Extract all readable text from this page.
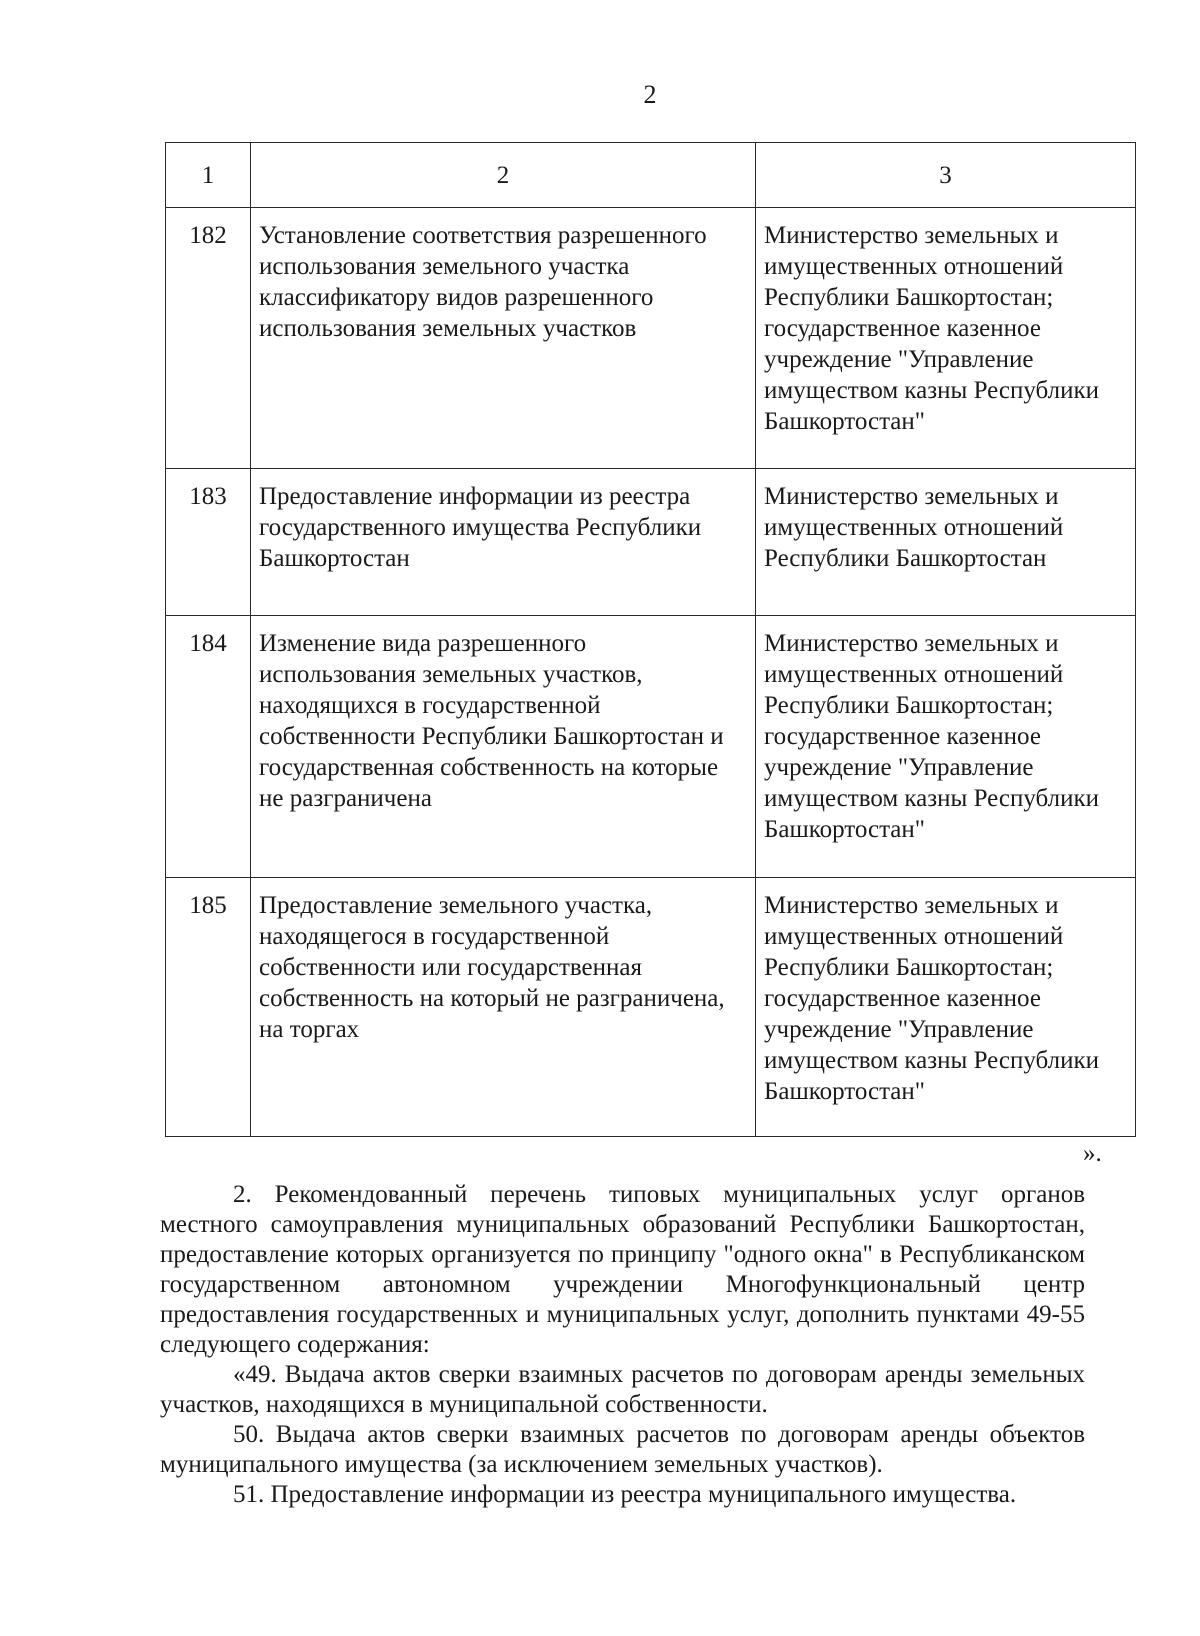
2
1	2	3
182	Установление соответствия разрешенного использования земельного участка классификатору видов разрешенного использования земельных участков	Министерство земельных и имущественных отношений Республики Башкортостан; государственное казенное учреждение "Управление имуществом казны Республики Башкортостан"
183	Предоставление информации из реестра государственного имущества Республики Башкортостан	Министерство земельных и имущественных отношений Республики Башкортостан
184	Изменение вида разрешенного использования земельных участков, находящихся в государственной собственности Республики Башкортостан и государственная собственность на которые не разграничена	Министерство земельных и имущественных отношений Республики Башкортостан; государственное казенное учреждение "Управление имуществом казны Республики Башкортостан"
185	Предоставление земельного участка, находящегося в государственной собственности или государственная собственность на который не разграничена, на торгах	Министерство земельных и имущественных отношений Республики Башкортостан; государственное казенное учреждение "Управление имуществом казны Республики Башкортостан"
».

2. Рекомендованный перечень типовых муниципальных услуг органов местного самоуправления муниципальных образований Республики Башкортостан, предоставление которых организуется по принципу "одного окна" в Республиканском государственном автономном учреждении Многофункциональный центр предоставления государственных и муниципальных услуг, дополнить пунктами 49-55 следующего содержания:

«49. Выдача актов сверки взаимных расчетов по договорам аренды земельных участков, находящихся в муниципальной собственности.

50. Выдача актов сверки взаимных расчетов по договорам аренды объектов муниципального имущества (за исключением земельных участков).

51. Предоставление информации из реестра муниципального имущества.
